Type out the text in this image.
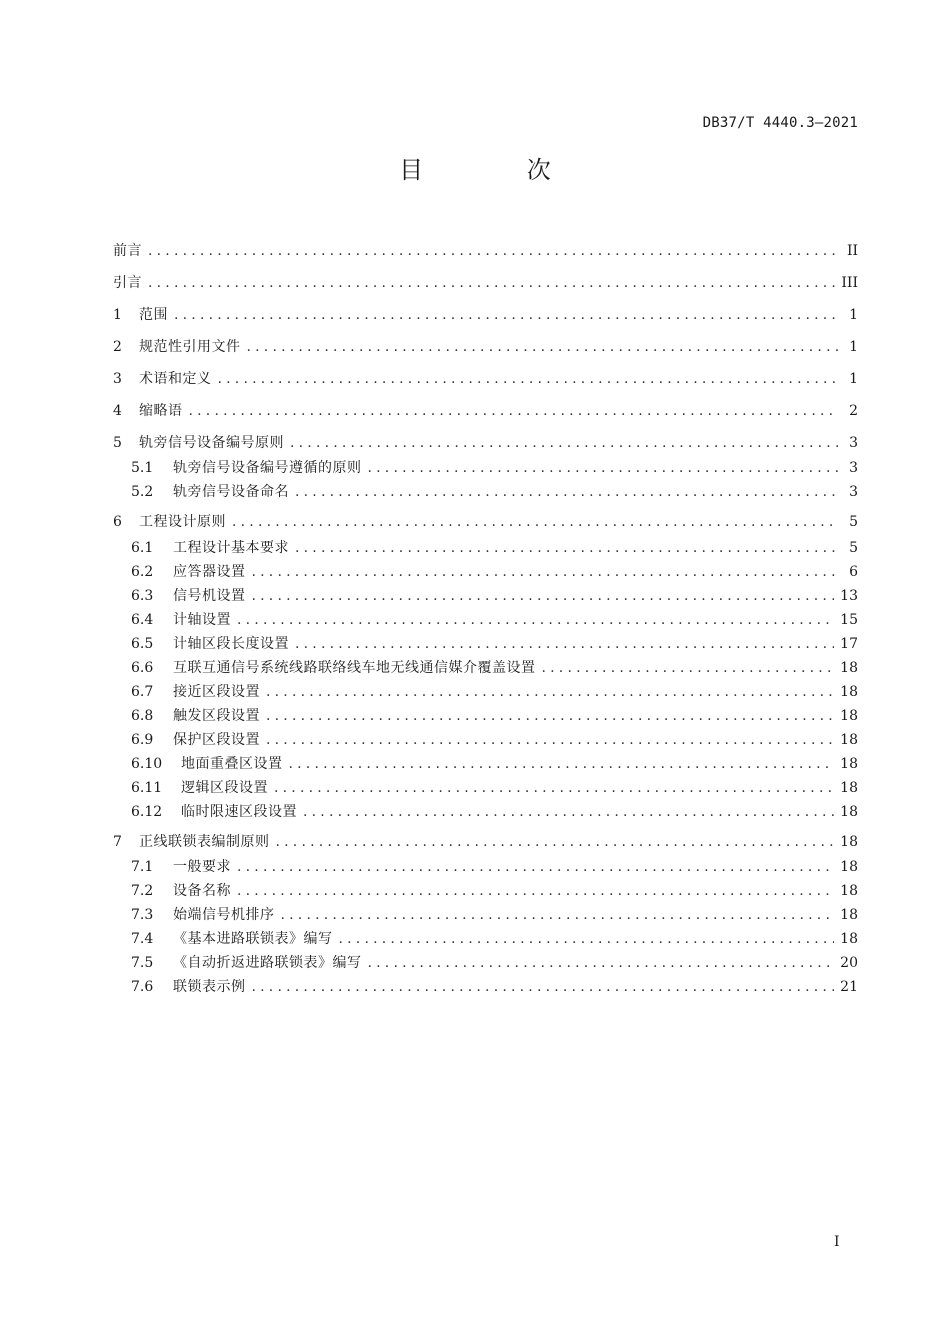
DB37/T 4440.3—2021
目 次
前言 .....	II
引言 .....	III
1	范围 .....	1
2	规范性引用文件 .....	1
3	术语和定义 .....	1
4	缩略语 .....	2
5	轨旁信号设备编号原则 .....	3
5.1	轨旁信号设备编号遵循的原则 .....	3
5.2	轨旁信号设备命名 .....	3
6	工程设计原则 .....	5
6.1	工程设计基本要求 .....	5
6.2	应答器设置 .....	6
6.3	信号机设置 .....	13
6.4	计轴设置 .....	15
6.5	计轴区段长度设置 .....	17
6.6	互联互通信号系统线路联络线车地无线通信媒介覆盖设置 .....	18
6.7	接近区段设置 .....	18
6.8	触发区段设置 .....	18
6.9	保护区段设置 .....	18
6.10	地面重叠区设置 .....	18
6.11	逻辑区段设置 .....	18
6.12	临时限速区段设置 .....	18
7	正线联锁表编制原则 .....	18
7.1	一般要求 .....	18
7.2	设备名称 .....	18
7.3	始端信号机排序 .....	18
7.4	《基本进路联锁表》编写 .....	18
7.5	《自动折返进路联锁表》编写 .....	20
7.6	联锁表示例 .....	21
I
